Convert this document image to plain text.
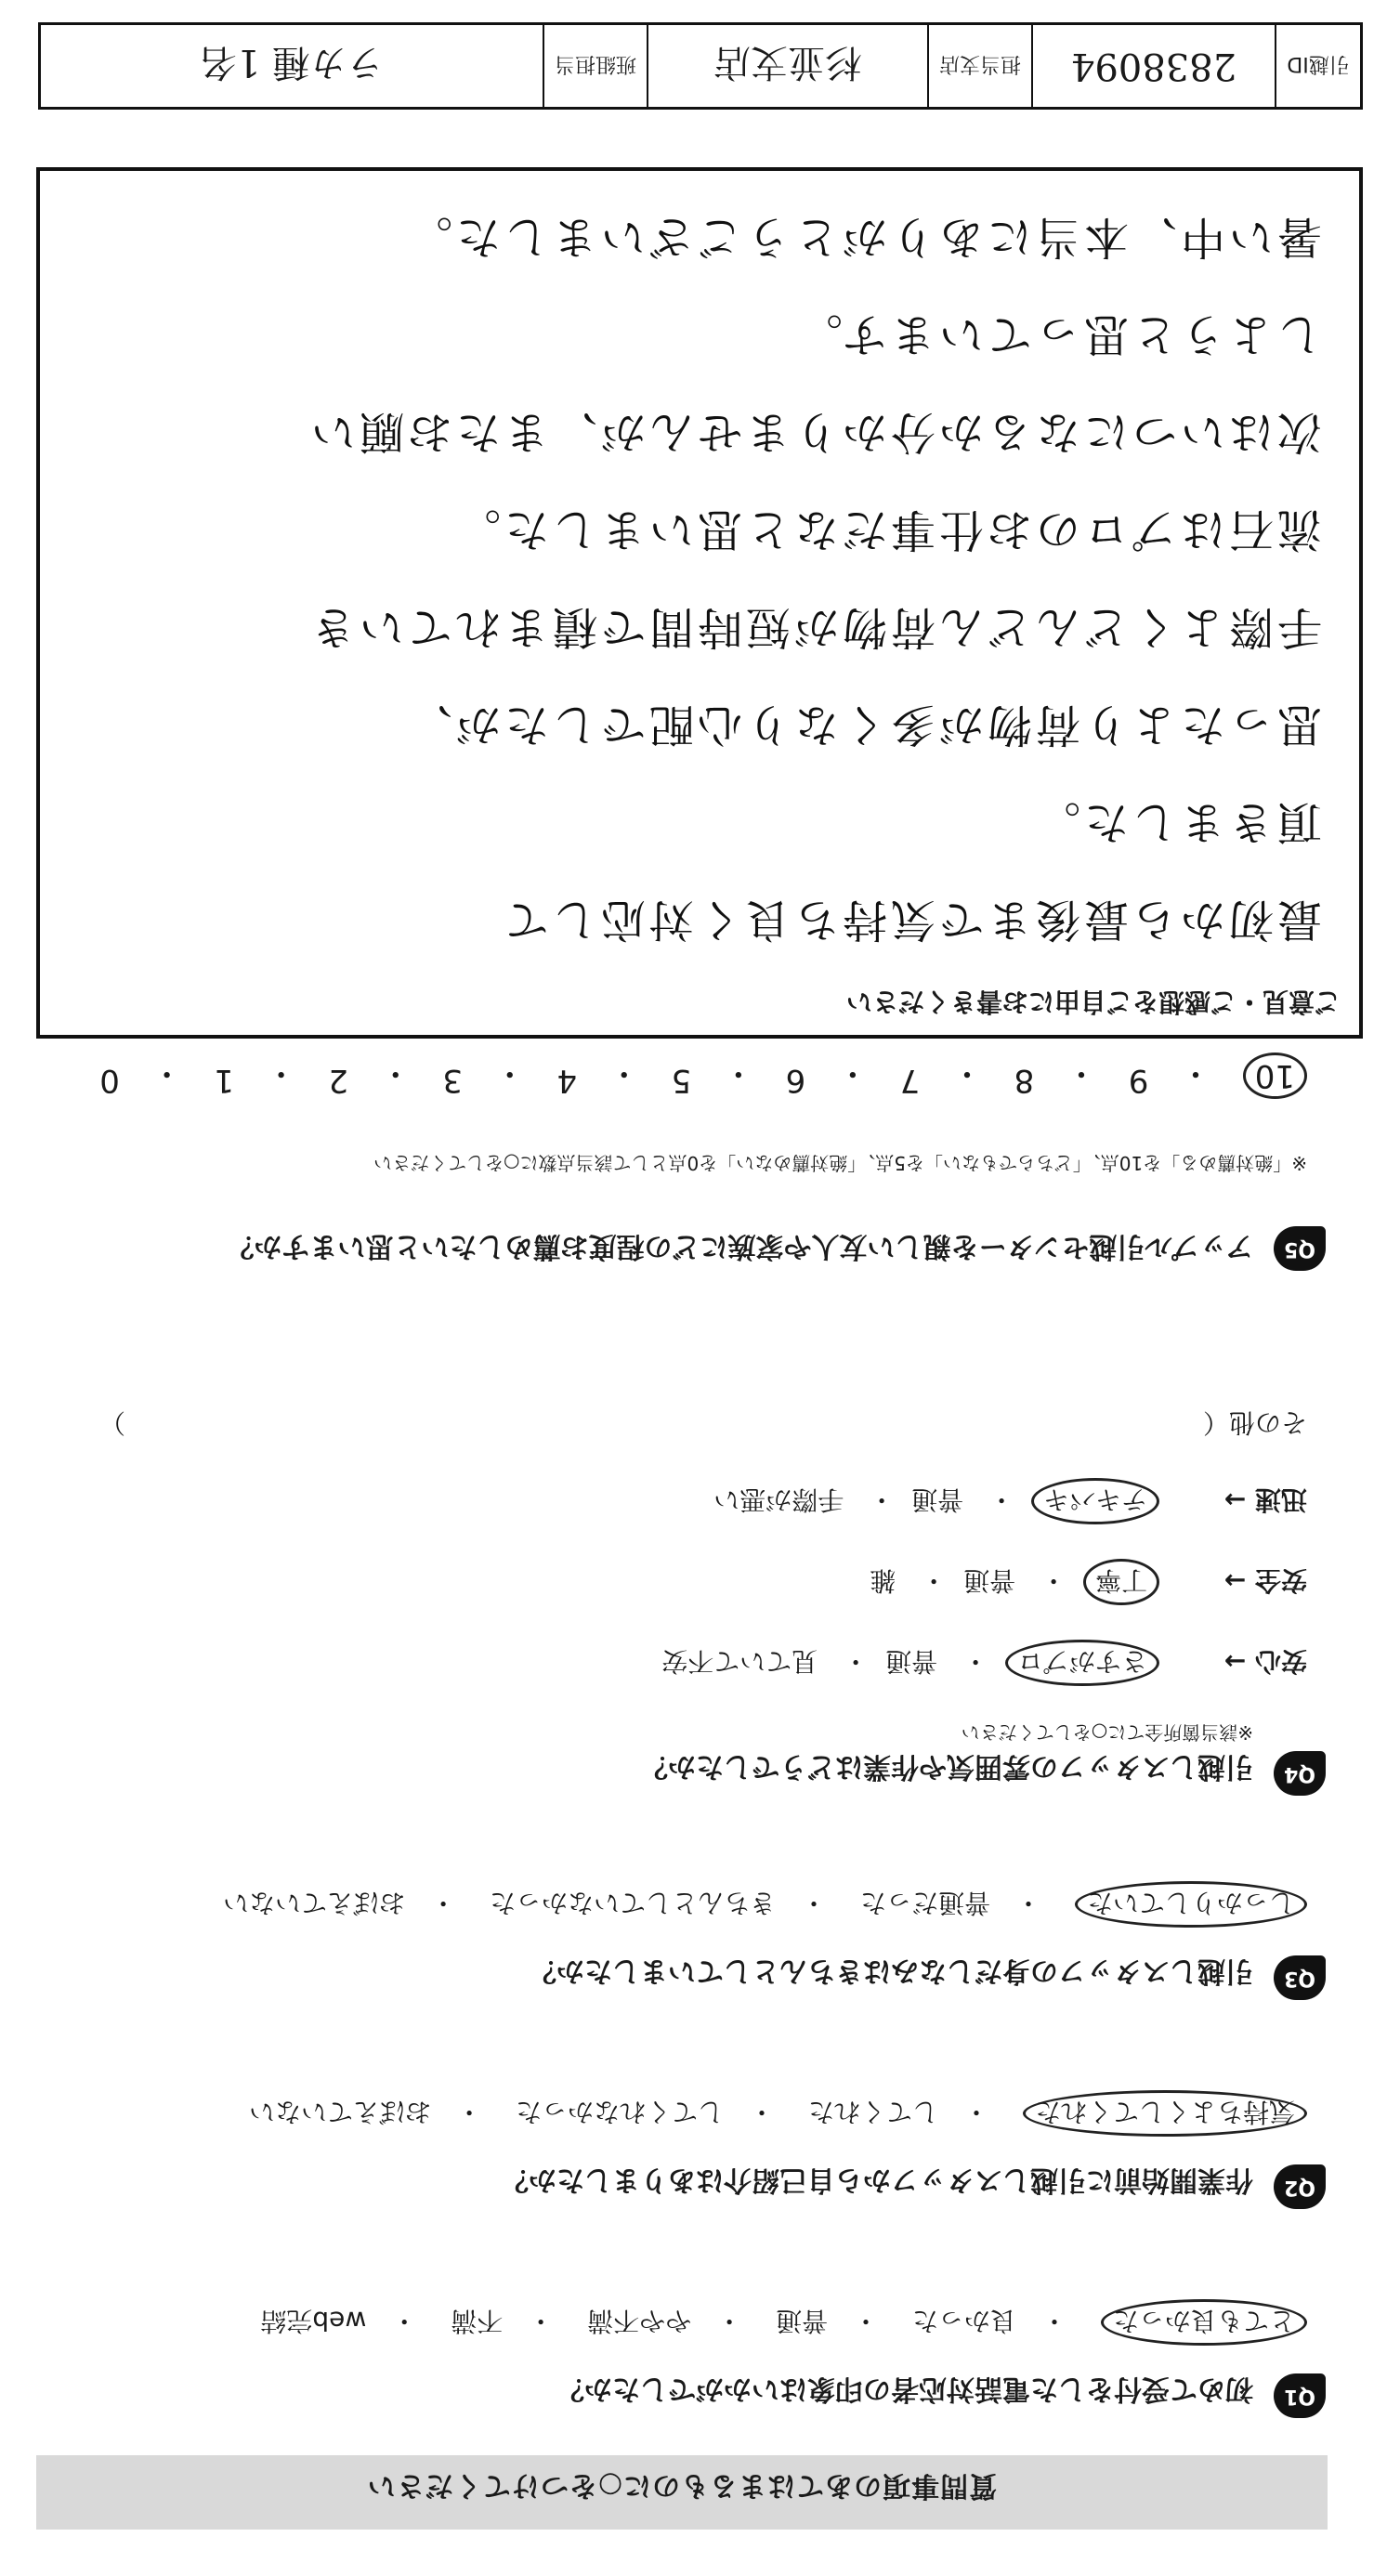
質問事項のあてはまるものに○をつけてください
Q1
初めて受付をした電話対応者の印象はいかがでしたか？
とても良かった・ 良かった・ 普通・ やや不満・ 不満・ web完結
Q2
作業開始前に引越しスタッフから自己紹介はありましたか？
気持ちよくしてくれた・ してくれた・ してくれなかった・ おぼえていない
Q3
引越しスタッフの身だしなみはきちんとしていましたか？
しっかりしていた・ 普通だった・ きちんとしていなかった・ おぼえていない
Q4
引越しスタッフの雰囲気や作業はどうでしたか？
※該当箇所全てに○をしてください
安心 → さすがプロ・ 普通・ 見ていて不安
安全 → 丁寧・ 普通・ 雑
迅速 → テキパキ・ 普通・ 手際が悪い
その他（
）
Q5
アップル引越センターを親しい友人や家族にどの程度お薦めしたいと思いますか？
※「絶対薦める」を10点、「どちらでもない」を5点、「絶対薦めない」を0点として該当点数に○をしてください
10
・
9
・
8
・
7
・
6
・
5
・
4
・
3
・
2
・
1
・
0
ご意見・ご感想をご自由にお書きください
最初から最後まで気持ち良く対応して
頂きました。
思ったより荷物が多くなり心配でしたが、
手際よくどんどん荷物が短時間で積まれていき
流石はプロのお仕事だなと思いました。
次はいつになるか分かりませんが、またお願い
しようと思っています。
暑い中、本当にありがとうございました。
引越ID
2838094
担当支店
杉並支店
班組担当
ラカ種 1名
